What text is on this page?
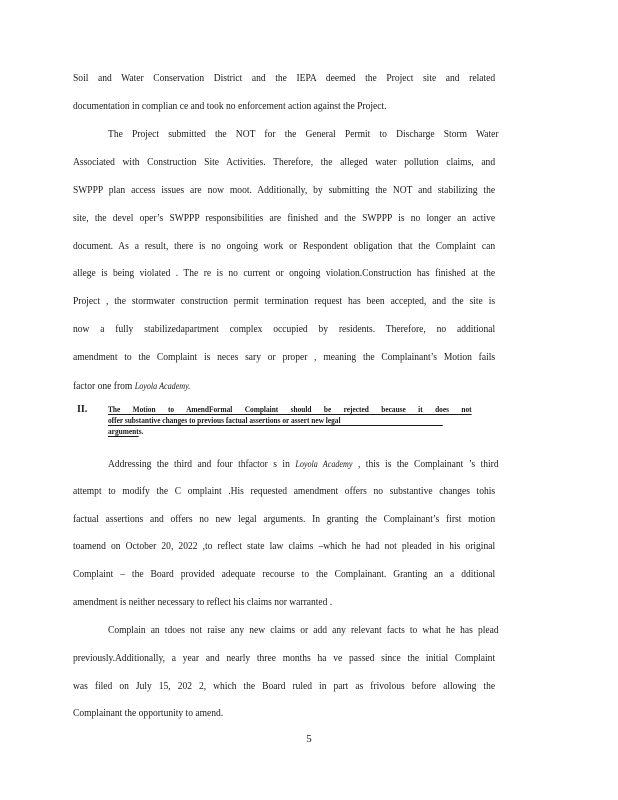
Soil and Water Conservation District and the IEPA deemed the Project site and related
documentation in complian ce and took no enforcement action against the Project.
The Project submitted the NOT for the General Permit to Discharge Storm Water
Associated with Construction Site Activities. Therefore, the alleged water pollution claims, and
SWPPP plan access issues are now moot. Additionally, by submitting the NOT and stabilizing the
site, the devel oper’s SWPPP responsibilities are finished and the SWPPP is no longer an active
document. As a result, there is no ongoing work or Respondent obligation that the Complaint can
allege is being violated . The re is no current or ongoing violation.Construction has finished at the
Project , the stormwater construction permit termination request has been accepted, and the site is
now a fully stabilizedapartment complex occupied by residents. Therefore, no additional
amendment to the Complaint is neces sary or proper , meaning the Complainant’s Motion fails
factor one from Loyola Academy.
II.	The Motion to AmendFormal Complaint should be rejected because it does not
offer substantive changes to previous factual assertions or assert new legal
arguments.
Addressing the third and four thfactor s in Loyola Academy , this is the Complainant ’s third
attempt to modify the C omplaint .His requested amendment offers no substantive changes tohis
factual assertions and offers no new legal arguments. In granting the Complainant’s first motion
toamend on October 20, 2022 ,to reflect state law claims –which he had not pleaded in his original
Complaint – the Board provided adequate recourse to the Complainant. Granting an a dditional
amendment is neither necessary to reflect his claims nor warranted .
Complain an tdoes not raise any new claims or add any relevant facts to what he has plead
previously.Additionally, a year and nearly three months ha ve passed since the initial Complaint
was filed on July 15, 202 2, which the Board ruled in part as frivolous before allowing the
Complainant the opportunity to amend.
5
